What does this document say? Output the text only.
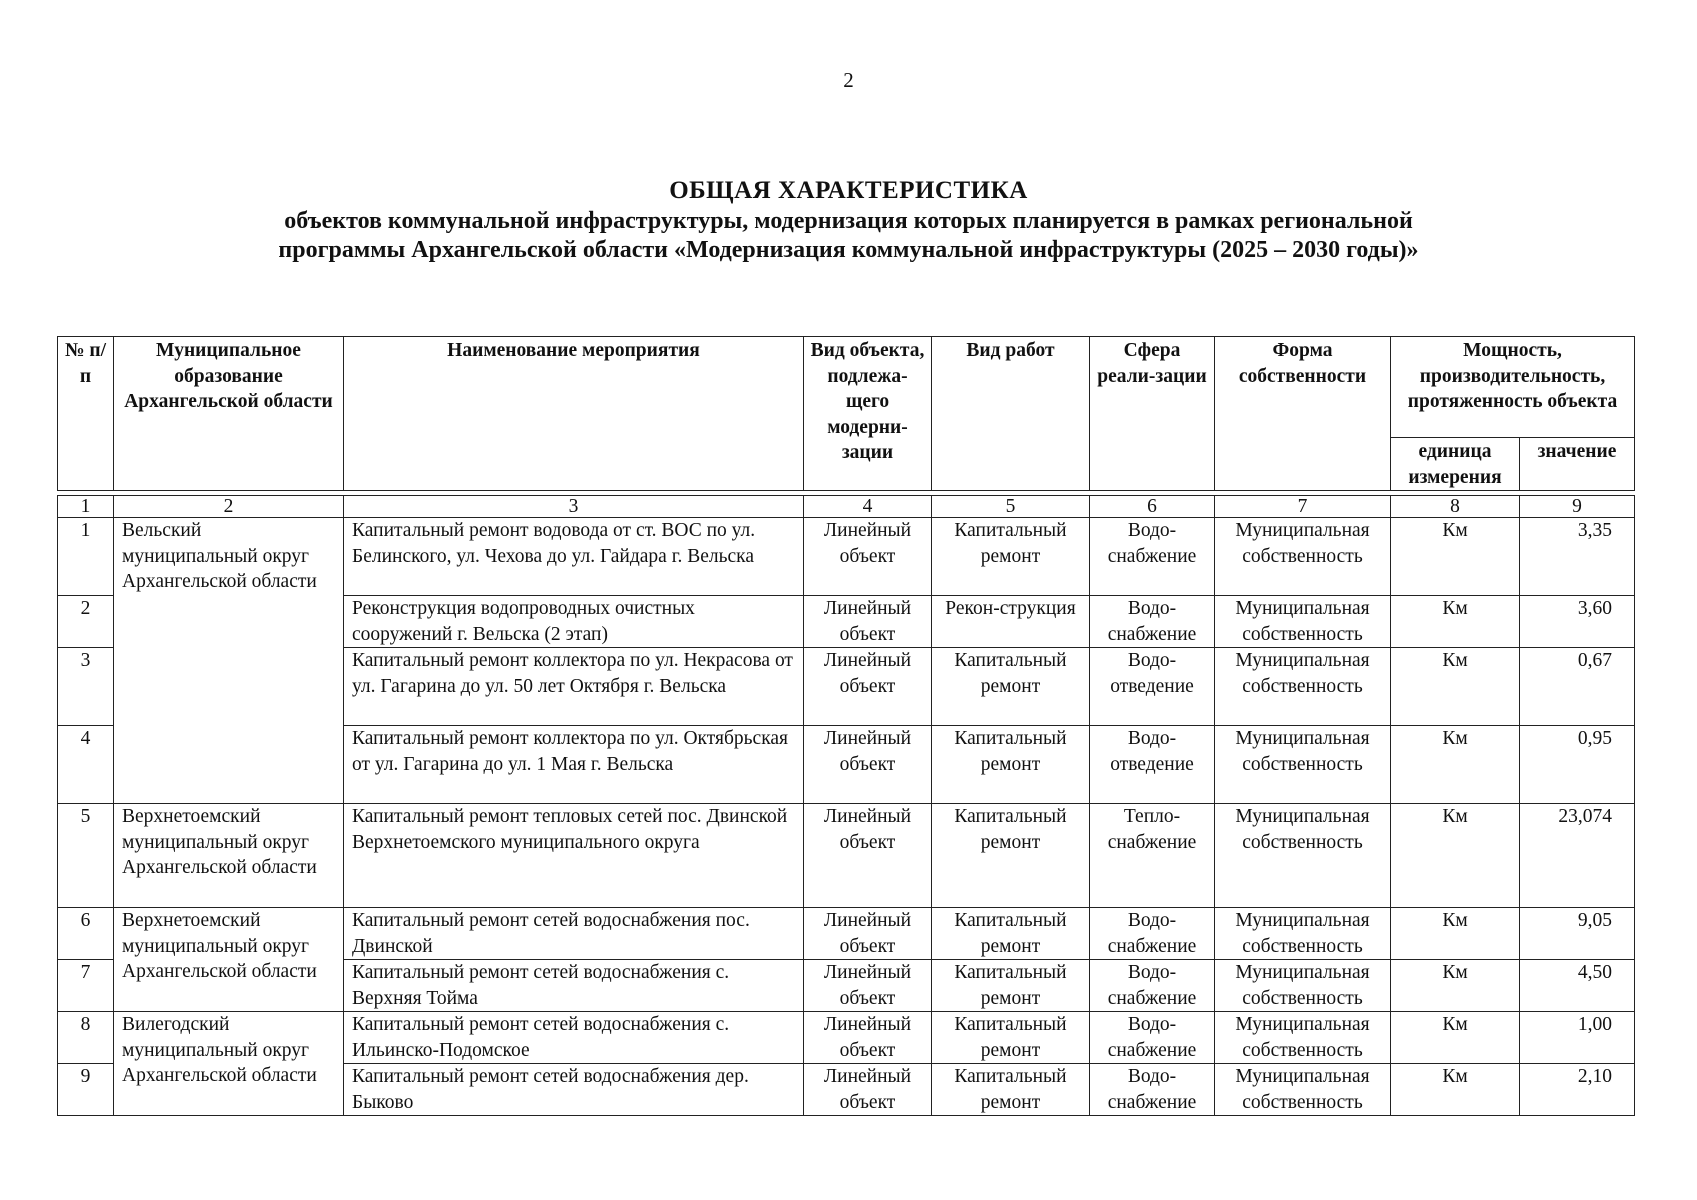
2
ОБЩАЯ ХАРАКТЕРИСТИКА
объектов коммунальной инфраструктуры, модернизация которых планируется в рамках региональной
программы Архангельской области «Модернизация коммунальной инфраструктуры (2025 – 2030 годы)»
№ п/п	Муниципальное образование Архангельской области	Наименование мероприятия	Вид объекта, подлежа-щего модерни-зации	Вид работ	Сфера реали-зации	Форма собственности	Мощность, производительность, протяженность объекта	
							единица измерения	значение

1	2	3	4	5	6	7	8	9
1	Вельский муниципальный округ Архангельской области	Капитальный ремонт водовода от ст. ВОС по ул. Белинского, ул. Чехова до ул. Гайдара г. Вельска	Линейный объект	Капитальный ремонт	Водо-снабжение	Муниципальная собственность	Км	3,35
2		Реконструкция водопроводных очистных сооружений г. Вельска (2 этап)	Линейный объект	Рекон-струкция	Водо-снабжение	Муниципальная собственность	Км	3,60
3		Капитальный ремонт коллектора по ул. Некрасова от ул. Гагарина до ул. 50 лет Октября г. Вельска	Линейный объект	Капитальный ремонт	Водо-отведение	Муниципальная собственность	Км	0,67
4		Капитальный ремонт коллектора по ул. Октябрьская от ул. Гагарина до ул. 1 Мая г. Вельска	Линейный объект	Капитальный ремонт	Водо-отведение	Муниципальная собственность	Км	0,95
5	Верхнетоемский муниципальный округ Архангельской области	Капитальный ремонт тепловых сетей пос. Двинской Верхнетоемского муниципального округа	Линейный объект	Капитальный ремонт	Тепло-снабжение	Муниципальная собственность	Км	23,074
6	Верхнетоемский муниципальный округ Архангельской области	Капитальный ремонт сетей водоснабжения пос. Двинской	Линейный объект	Капитальный ремонт	Водо-снабжение	Муниципальная собственность	Км	9,05
7		Капитальный ремонт сетей водоснабжения с. Верхняя Тойма	Линейный объект	Капитальный ремонт	Водо-снабжение	Муниципальная собственность	Км	4,50
8	Вилегодский муниципальный округ Архангельской области	Капитальный ремонт сетей водоснабжения с. Ильинско-Подомское	Линейный объект	Капитальный ремонт	Водо-снабжение	Муниципальная собственность	Км	1,00
9		Капитальный ремонт сетей водоснабжения дер. Быково	Линейный объект	Капитальный ремонт	Водо-снабжение	Муниципальная собственность	Км	2,10
